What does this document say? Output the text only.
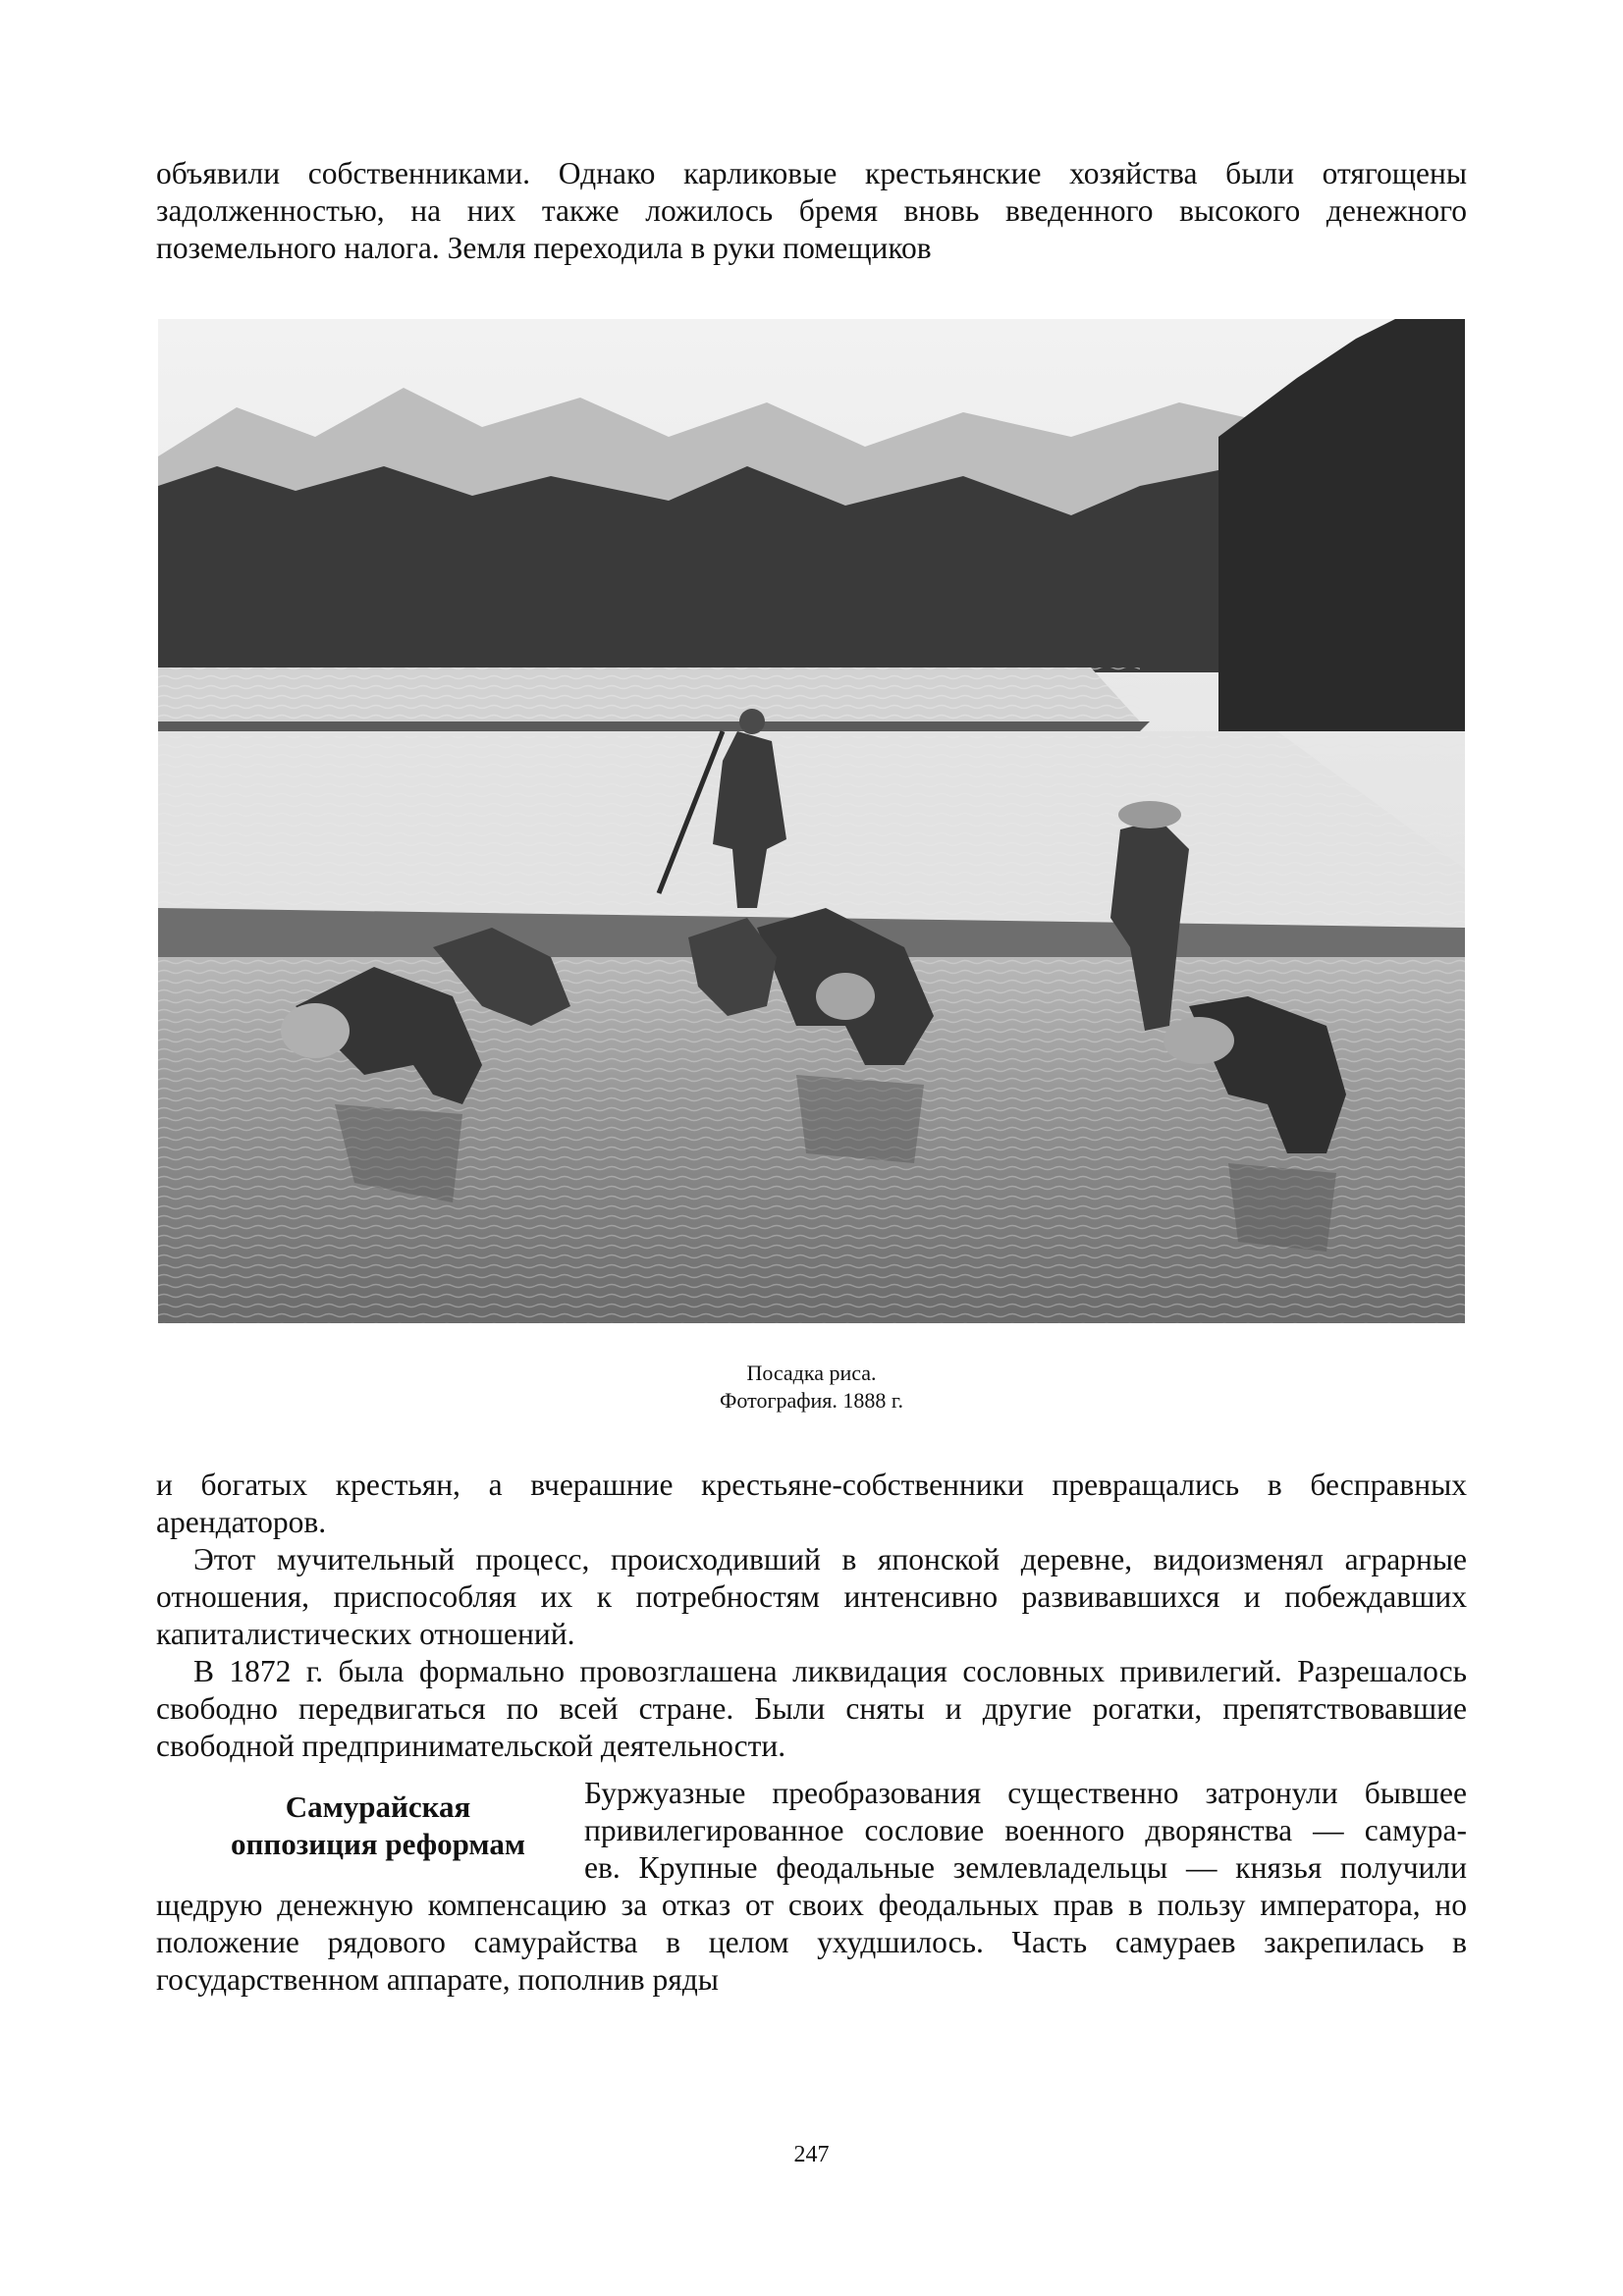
объявили собственниками. Однако карликовые крестьянские хозяйства были отягощены задолженностью, на них также ложилось бремя вновь введенного высокого денежного поземельного налога. Земля переходила в руки помещиков

Посадка риса.
Фотография. 1888 г.

и богатых крестьян, а вчерашние крестьяне-собственники превращались в бесправных арендаторов.

Этот мучительный процесс, происходивший в японской деревне, видоизменял аграрные отношения, приспособляя их к потребностям интенсивно развивавшихся и побеждавших капиталистических отношений.

В 1872 г. была формально провозглашена ликвидация сословных привилегий. Разрешалось свободно передвигаться по всей стране. Были сняты и другие рогатки, препятствовавшие свободной предпринимательской деятельности.

Самурайская
оппозиция реформам
Буржуазные преобразования существенно затронули бывшее
привилегированное сословие военного дворянства — самура-
ев. Крупные феодальные землевладельцы — князья получили

щедрую денежную компенсацию за отказ от своих феодальных прав в пользу императора, но положение рядового самурайства в целом ухудшилось. Часть самураев закрепилась в государственном аппарате, пополнив ряды

247
